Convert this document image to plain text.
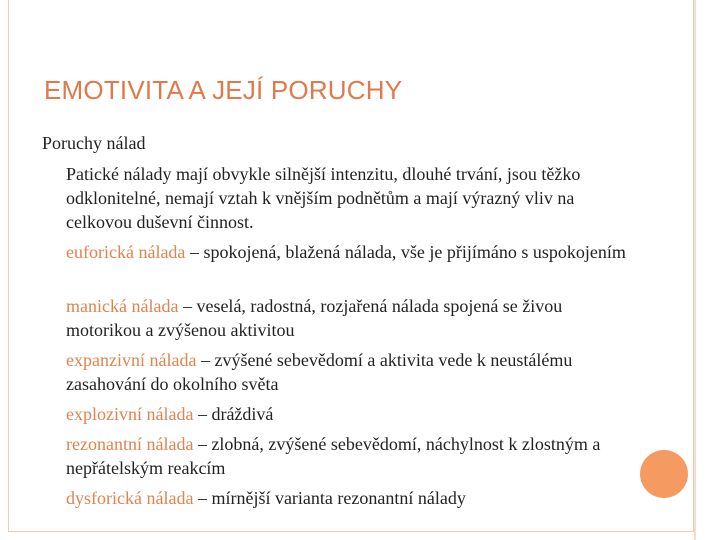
EMOTIVITA A JEJÍ PORUCHY
Poruchy nálad
Patické nálady mají obvykle silnější intenzitu, dlouhé trvání, jsou těžko odklonitelné, nemají vztah k vnějším podnětům a mají výrazný vliv na celkovou duševní činnost.
euforická nálada – spokojená, blažená nálada, vše je přijímáno s uspokojením
manická nálada – veselá, radostná, rozjařená nálada spojená se živou motorikou a zvýšenou aktivitou
expanzivní nálada – zvýšené sebevědomí a aktivita vede k neustálému zasahování do okolního světa
explozivní nálada – dráždivá
rezonantní nálada – zlobná, zvýšené sebevědomí, náchylnost k zlostným a nepřátelským reakcím
dysforická nálada – mírnější varianta rezonantní nálady
